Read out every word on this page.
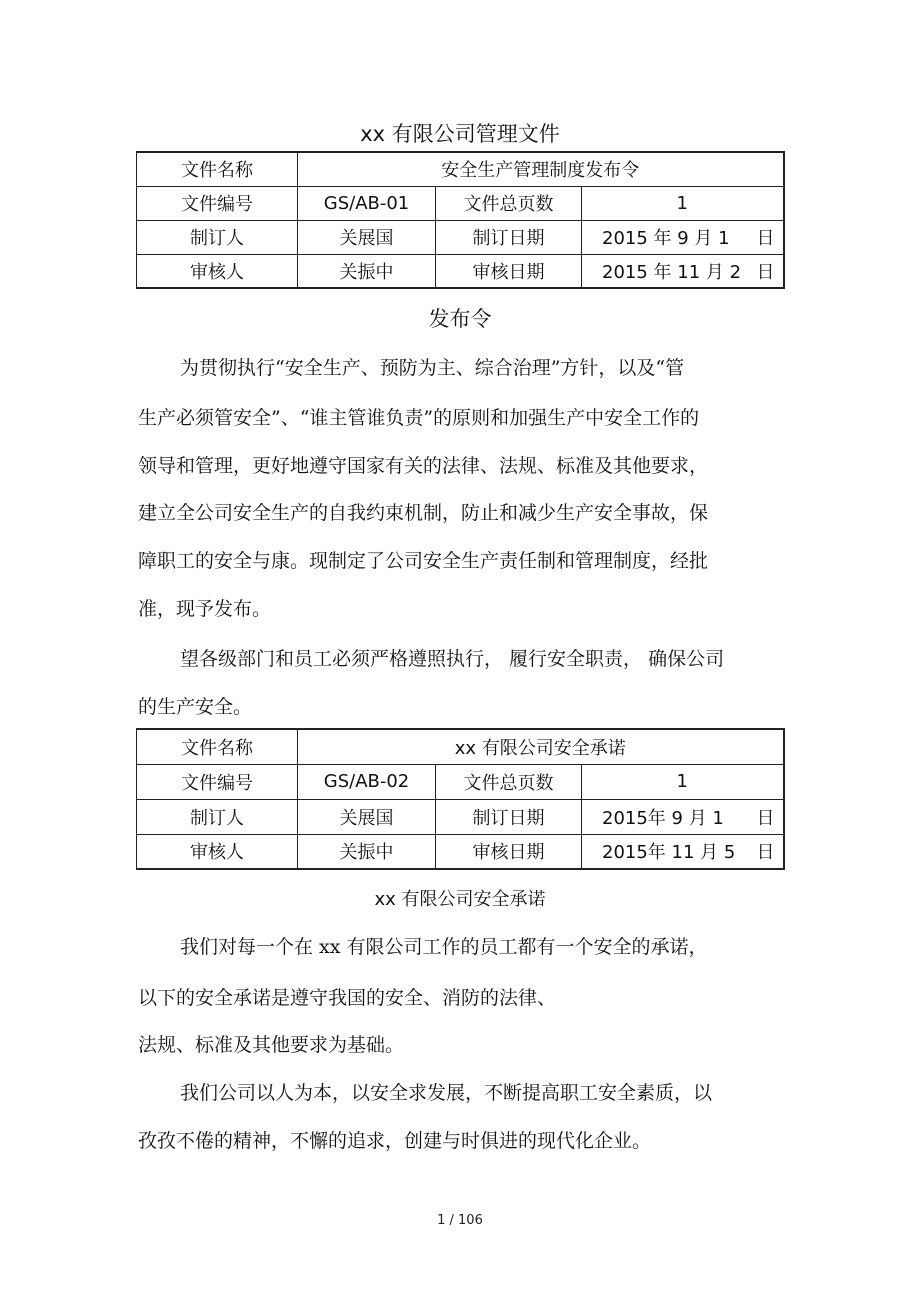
xx 有限公司管理文件
文件名称	安全生产管理制度发布令		
文件编号	GS/AB-01	文件总页数	1
制订人	关展国	制订日期	2015 年 9 月 1 日

审核人	关振中	审核日期	2015 年 11 月 2 日
发布令
为贯彻执行“安全生产、预防为主、综合治理”方针，以及“管
生产必须管安全”、“谁主管谁负责”的原则和加强生产中安全工作的
领导和管理，更好地遵守国家有关的法律、法规、标准及其他要求，
建立全公司安全生产的自我约束机制，防止和减少生产安全事故，保
障职工的安全与康。现制定了公司安全生产责任制和管理制度，经批
准，现予发布。
望各级部门和员工必须严格遵照执行， 履行安全职责， 确保公司
的生产安全。
文件名称	xx 有限公司安全承诺		
文件编号	GS/AB-02	文件总页数	1
制订人	关展国	制订日期	2015年 9 月 1 日

审核人	关振中	审核日期	2015年 11 月 5 日
xx 有限公司安全承诺
我们对每一个在 xx 有限公司工作的员工都有一个安全的承诺，
以下的安全承诺是遵守我国的安全、消防的法律、
法规、标准及其他要求为基础。
我们公司以人为本，以安全求发展，不断提高职工安全素质，以
孜孜不倦的精神，不懈的追求，创建与时俱进的现代化企业。
1 / 106
